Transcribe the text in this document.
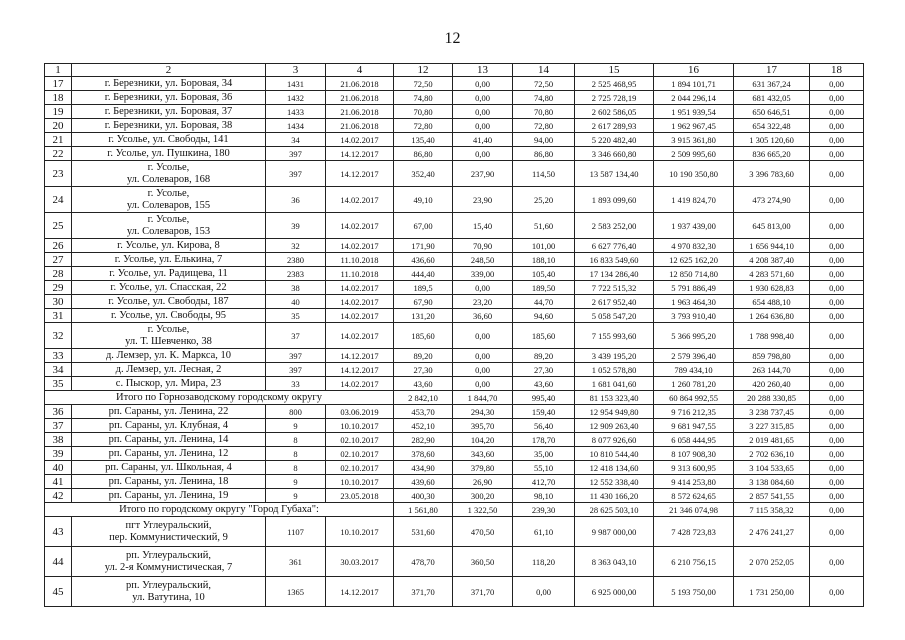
12
1	2	3	4	12	13	14	15	16	17	18
17	г. Березники, ул. Боровая, 34	1431	21.06.2018	72,50	0,00	72,50	2 525 468,95	1 894 101,71	631 367,24	0,00
18	г. Березники, ул. Боровая, 36	1432	21.06.2018	74,80	0,00	74,80	2 725 728,19	2 044 296,14	681 432,05	0,00
19	г. Березники, ул. Боровая, 37	1433	21.06.2018	70,80	0,00	70,80	2 602 586,05	1 951 939,54	650 646,51	0,00
20	г. Березники, ул. Боровая, 38	1434	21.06.2018	72,80	0,00	72,80	2 617 289,93	1 962 967,45	654 322,48	0,00
21	г. Усолье, ул. Свободы, 141	34	14.02.2017	135,40	41,40	94,00	5 220 482,40	3 915 361,80	1 305 120,60	0,00
22	г. Усолье, ул. Пушкина, 180	397	14.12.2017	86,80	0,00	86,80	3 346 660,80	2 509 995,60	836 665,20	0,00
23	г. Усолье,
ул. Солеваров, 168	397	14.12.2017	352,40	237,90	114,50	13 587 134,40	10 190 350,80	3 396 783,60	0,00
24	г. Усолье,
ул. Солеваров, 155	36	14.02.2017	49,10	23,90	25,20	1 893 099,60	1 419 824,70	473 274,90	0,00
25	г. Усолье,
ул. Солеваров, 153	39	14.02.2017	67,00	15,40	51,60	2 583 252,00	1 937 439,00	645 813,00	0,00
26	г. Усолье, ул. Кирова, 8	32	14.02.2017	171,90	70,90	101,00	6 627 776,40	4 970 832,30	1 656 944,10	0,00
27	г. Усолье, ул. Елькина, 7	2380	11.10.2018	436,60	248,50	188,10	16 833 549,60	12 625 162,20	4 208 387,40	0,00
28	г. Усолье, ул. Радищева, 11	2383	11.10.2018	444,40	339,00	105,40	17 134 286,40	12 850 714,80	4 283 571,60	0,00
29	г. Усолье, ул. Спасская, 22	38	14.02.2017	189,5	0,00	189,50	7 722 515,32	5 791 886,49	1 930 628,83	0,00
30	г. Усолье, ул. Свободы, 187	40	14.02.2017	67,90	23,20	44,70	2 617 952,40	1 963 464,30	654 488,10	0,00
31	г. Усолье, ул. Свободы, 95	35	14.02.2017	131,20	36,60	94,60	5 058 547,20	3 793 910,40	1 264 636,80	0,00
32	г. Усолье,
ул. Т. Шевченко, 38	37	14.02.2017	185,60	0,00	185,60	7 155 993,60	5 366 995,20	1 788 998,40	0,00
33	д. Лемзер, ул. К. Маркса, 10	397	14.12.2017	89,20	0,00	89,20	3 439 195,20	2 579 396,40	859 798,80	0,00
34	д. Лемзер, ул. Лесная, 2	397	14.12.2017	27,30	0,00	27,30	1 052 578,80	789 434,10	263 144,70	0,00
35	с. Пыскор, ул. Мира, 23	33	14.02.2017	43,60	0,00	43,60	1 681 041,60	1 260 781,20	420 260,40	0,00
Итого по Горнозаводскому городскому округу				2 842,10	1 844,70	995,40	81 153 323,40	60 864 992,55	20 288 330,85	0,00
36	рп. Сараны, ул. Ленина, 22	800	03.06.2019	453,70	294,30	159,40	12 954 949,80	9 716 212,35	3 238 737,45	0,00
37	рп. Сараны, ул. Клубная, 4	9	10.10.2017	452,10	395,70	56,40	12 909 263,40	9 681 947,55	3 227 315,85	0,00
38	рп. Сараны, ул. Ленина, 14	8	02.10.2017	282,90	104,20	178,70	8 077 926,60	6 058 444,95	2 019 481,65	0,00
39	рп. Сараны, ул. Ленина, 12	8	02.10.2017	378,60	343,60	35,00	10 810 544,40	8 107 908,30	2 702 636,10	0,00
40	рп. Сараны, ул. Школьная, 4	8	02.10.2017	434,90	379,80	55,10	12 418 134,60	9 313 600,95	3 104 533,65	0,00
41	рп. Сараны, ул. Ленина, 18	9	10.10.2017	439,60	26,90	412,70	12 552 338,40	9 414 253,80	3 138 084,60	0,00
42	рп. Сараны, ул. Ленина, 19	9	23.05.2018	400,30	300,20	98,10	11 430 166,20	8 572 624,65	2 857 541,55	0,00
Итого по городскому округу "Город Губаха":				1 561,80	1 322,50	239,30	28 625 503,10	21 346 074,98	7 115 358,32	0,00
43	пгт Углеуральский,
пер. Коммунистический, 9	1107	10.10.2017	531,60	470,50	61,10	9 987 000,00	7 428 723,83	2 476 241,27	0,00
44	рп. Углеуральский,
ул. 2-я Коммунистическая, 7	361	30.03.2017	478,70	360,50	118,20	8 363 043,10	6 210 756,15	2 070 252,05	0,00
45	рп. Углеуральский,
ул. Ватутина, 10	1365	14.12.2017	371,70	371,70	0,00	6 925 000,00	5 193 750,00	1 731 250,00	0,00
